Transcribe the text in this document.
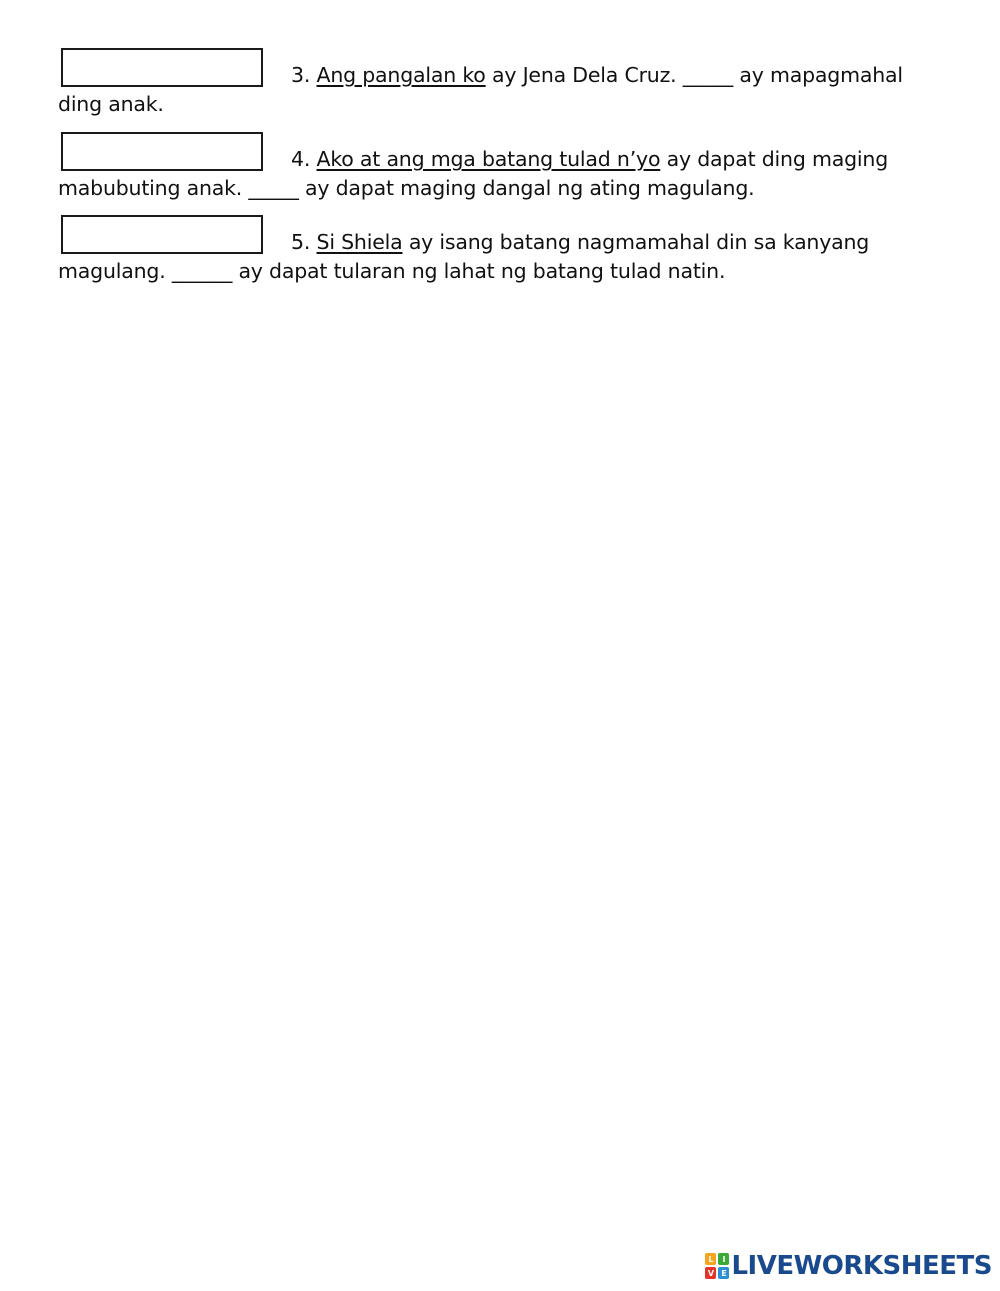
3. Ang pangalan ko ay Jena Dela Cruz. _____ ay mapagmahal
ding anak.
4. Ako at ang mga batang tulad n’yo ay dapat ding maging
mabubuting anak. _____ ay dapat maging dangal ng ating magulang.
5. Si Shiela ay isang batang nagmamahal din sa kanyang
magulang. ______ ay dapat tularan ng lahat ng batang tulad natin.
L	I
V E LIVEWORKSHEETS
